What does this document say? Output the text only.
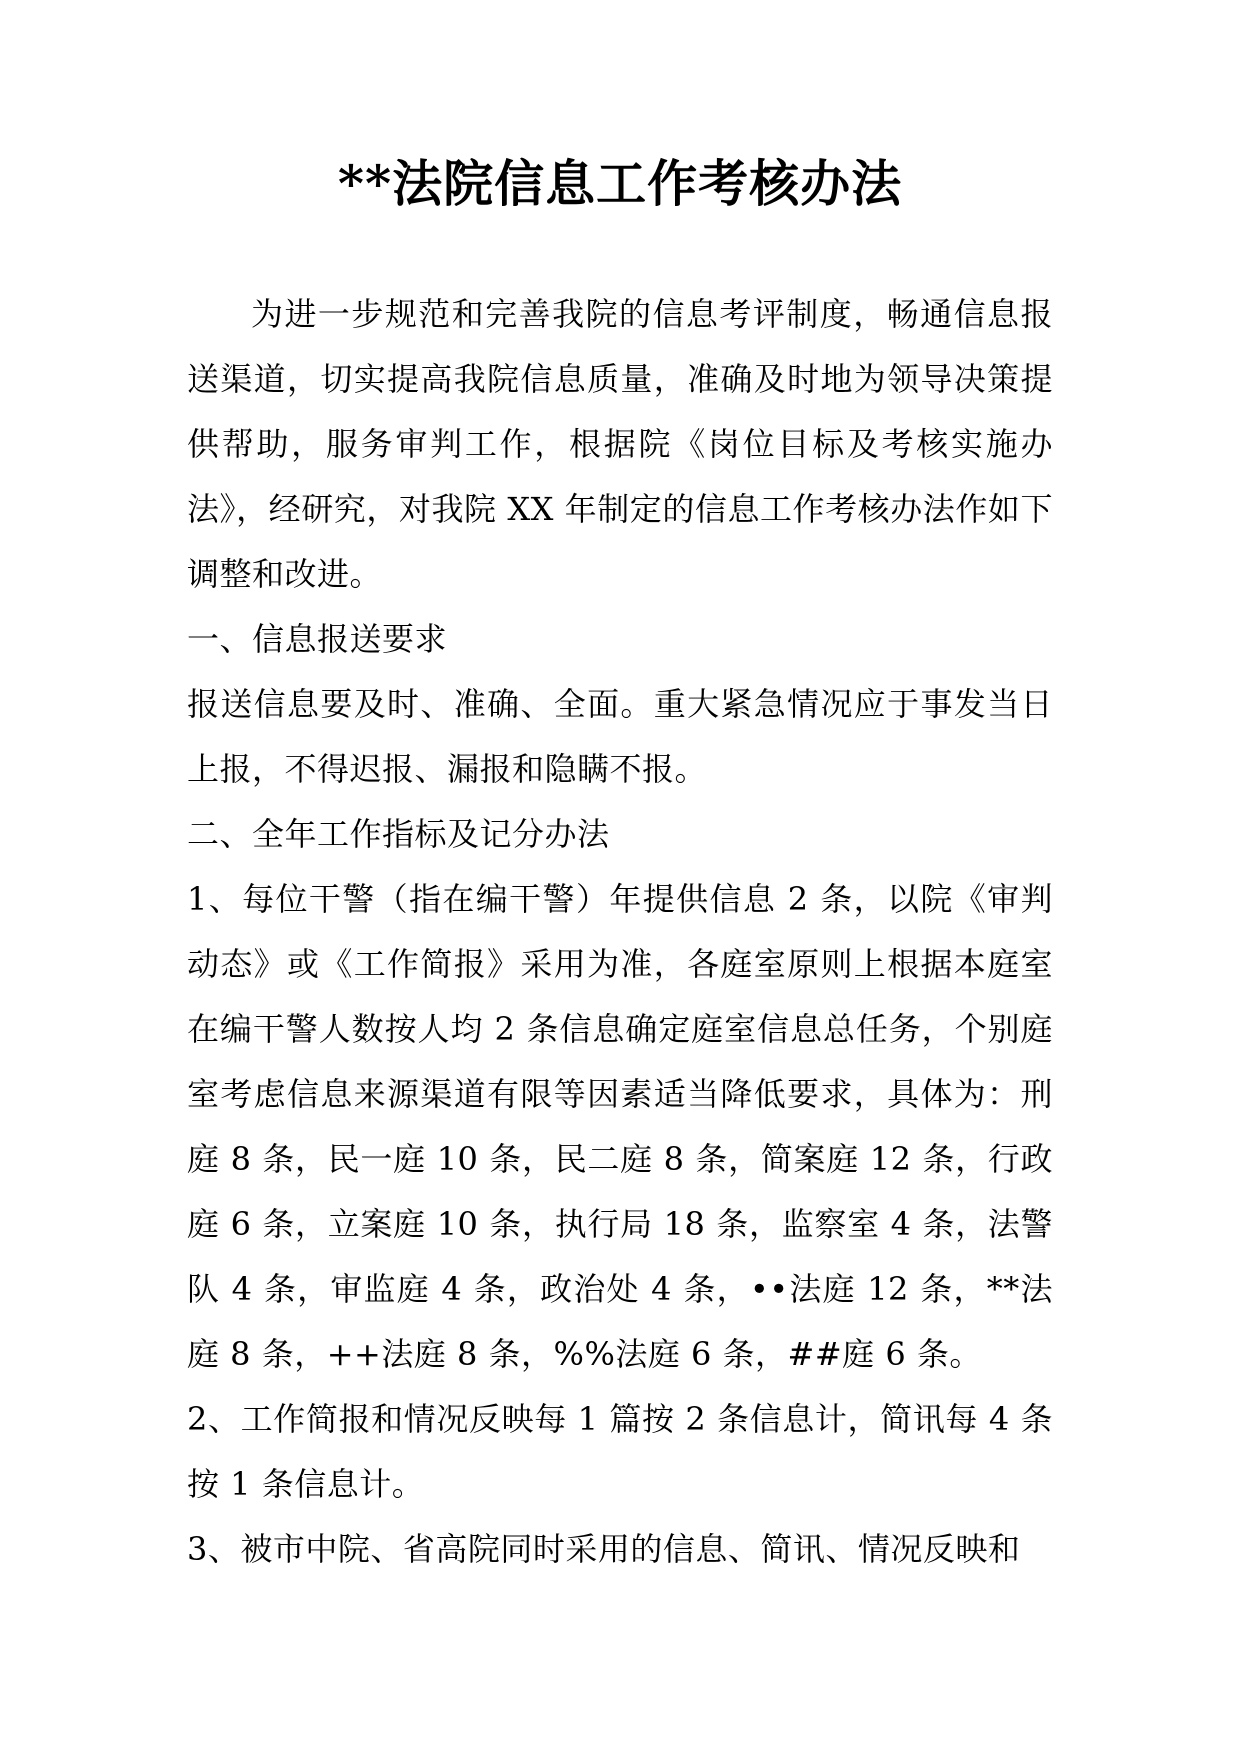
**法院信息工作考核办法

为进一步规范和完善我院的信息考评制度，畅通信息报送渠道，切实提高我院信息质量，准确及时地为领导决策提供帮助，服务审判工作，根据院《岗位目标及考核实施办法》，经研究，对我院 XX 年制定的信息工作考核办法作如下调整和改进。

一、信息报送要求

报送信息要及时、准确、全面。重大紧急情况应于事发当日上报，不得迟报、漏报和隐瞒不报。

二、全年工作指标及记分办法

1、每位干警（指在编干警）年提供信息 2 条，以院《审判动态》或《工作简报》采用为准，各庭室原则上根据本庭室在编干警人数按人均 2 条信息确定庭室信息总任务，个别庭室考虑信息来源渠道有限等因素适当降低要求，具体为：刑庭 8 条，民一庭 10 条，民二庭 8 条，简案庭 12 条，行政庭 6 条，立案庭 10 条，执行局 18 条，监察室 4 条，法警队 4 条，审监庭 4 条，政治处 4 条，••法庭 12 条，**法庭 8 条，++法庭 8 条，%%法庭 6 条，##庭 6 条。

2、工作简报和情况反映每 1 篇按 2 条信息计，简讯每 4 条按 1 条信息计。

3、被市中院、省高院同时采用的信息、简讯、情况反映和
